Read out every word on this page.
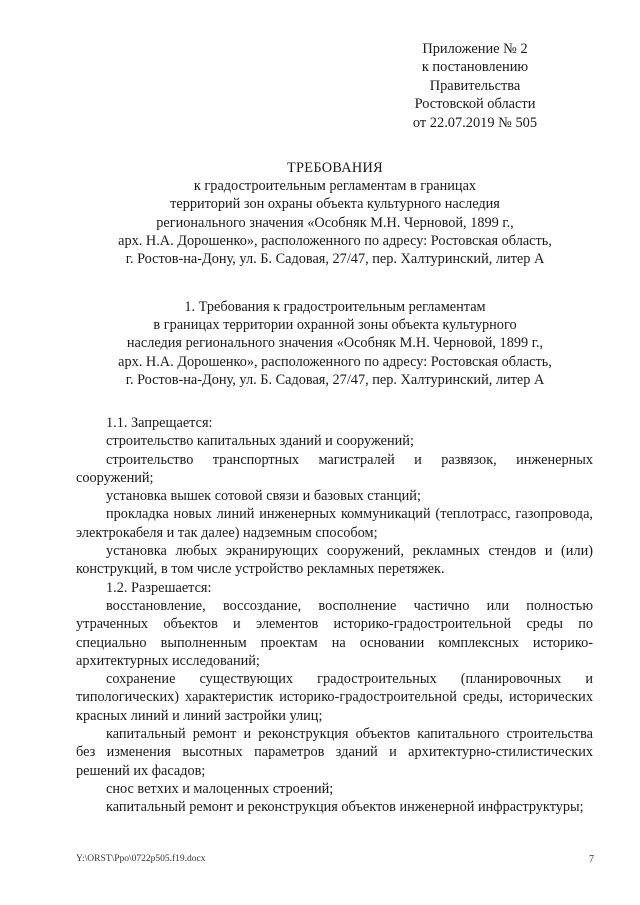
Приложение № 2
к постановлению
Правительства
Ростовской области
от 22.07.2019 № 505
ТРЕБОВАНИЯ
к градостроительным регламентам в границах
территорий зон охраны объекта культурного наследия
регионального значения «Особняк М.Н. Черновой, 1899 г.,
арх. Н.А. Дорошенко», расположенного по адресу: Ростовская область,
г. Ростов-на-Дону, ул. Б. Садовая, 27/47, пер. Халтуринский, литер А
1. Требования к градостроительным регламентам
в границах территории охранной зоны объекта культурного
наследия регионального значения «Особняк М.Н. Черновой, 1899 г.,
арх. Н.А. Дорошенко», расположенного по адресу: Ростовская область,
г. Ростов-на-Дону, ул. Б. Садовая, 27/47, пер. Халтуринский, литер А

1.1. Запрещается:

строительство капитальных зданий и сооружений;

строительство транспортных магистралей и развязок, инженерных сооружений;

установка вышек сотовой связи и базовых станций;

прокладка новых линий инженерных коммуникаций (теплотрасс, газопровода, электрокабеля и так далее) надземным способом;

установка любых экранирующих сооружений, рекламных стендов и (или) конструкций, в том числе устройство рекламных перетяжек.

1.2. Разрешается:

восстановление, воссоздание, восполнение частично или полностью утраченных объектов и элементов историко-градостроительной среды по специально выполненным проектам на основании комплексных историко-архитектурных исследований;

сохранение существующих градостроительных (планировочных и типологических) характеристик историко-градостроительной среды, исторических красных линий и линий застройки улиц;

капитальный ремонт и реконструкция объектов капитального строительства без изменения высотных параметров зданий и архитектурно-стилистических решений их фасадов;

снос ветхих и малоценных строений;

капитальный ремонт и реконструкция объектов инженерной инфраструктуры;

Y:\ORST\Ppo\0722p505.f19.docx	7
